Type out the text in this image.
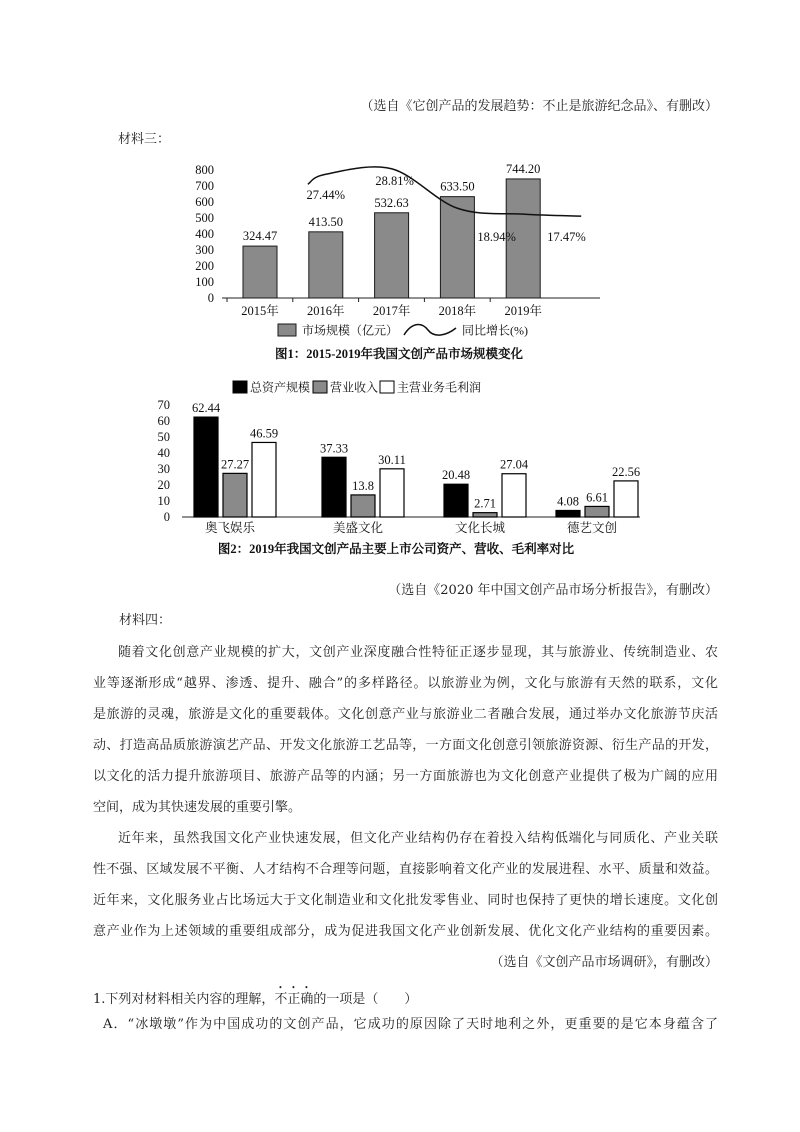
（选自《它创产品的发展趋势：不止是旅游纪念品》、有删改）
材料三：
800
700
600
500
400
300
200
100
0
324.47
413.50
532.63
633.50
744.20
2015年 2016年 2017年 2018年 2019年
27.44%
28.81%
18.94%	17.47%
市场规模（亿元）	同比增长(%)
图1：2015-2019年我国文创产品市场规模变化
总资产规模 营业收入 主营业务毛利润
70
60
50
40
30
20
10
0
62.44
37.33
20.48
4.08
27.27
13.8
2.71	6.61
46.59
30.11	27.04
22.56
奥飞娱乐	美盛文化	文化长城	德艺文创
图2：2019年我国文创产品主要上市公司资产、营收、毛利率对比
（选自《2020 年中国文创产品市场分析报告》，有删改）
材料四：
随着文化创意产业规模的扩大，文创产业深度融合性特征正逐步显现，其与旅游业、传统制造业、农
业等逐渐形成“越界、渗透、提升、融合”的多样路径。以旅游业为例，文化与旅游有天然的联系，文化
是旅游的灵魂，旅游是文化的重要载体。文化创意产业与旅游业二者融合发展，通过举办文化旅游节庆活
动、打造高品质旅游演艺产品、开发文化旅游工艺品等，一方面文化创意引领旅游资源、衍生产品的开发，
以文化的活力提升旅游项目、旅游产品等的内涵；另一方面旅游也为文化创意产业提供了极为广阔的应用
空间，成为其快速发展的重要引擎。
近年来，虽然我国文化产业快速发展，但文化产业结构仍存在着投入结构低端化与同质化、产业关联
性不强、区域发展不平衡、人才结构不合理等问题，直接影响着文化产业的发展进程、水平、质量和效益。
近年来，文化服务业占比场远大于文化制造业和文化批发零售业、同时也保持了更快的增长速度。文化创
意产业作为上述领域的重要组成部分，成为促进我国文化产业创新发展、优化文化产业结构的重要因素。
（选自《文创产品市场调研》，有删改）
1.下列对材料相关内容的理解，不正确的一项是（　　）
A．“冰墩墩”作为中国成功的文创产品，它成功的原因除了天时地利之外，更重要的是它本身蕴含了
